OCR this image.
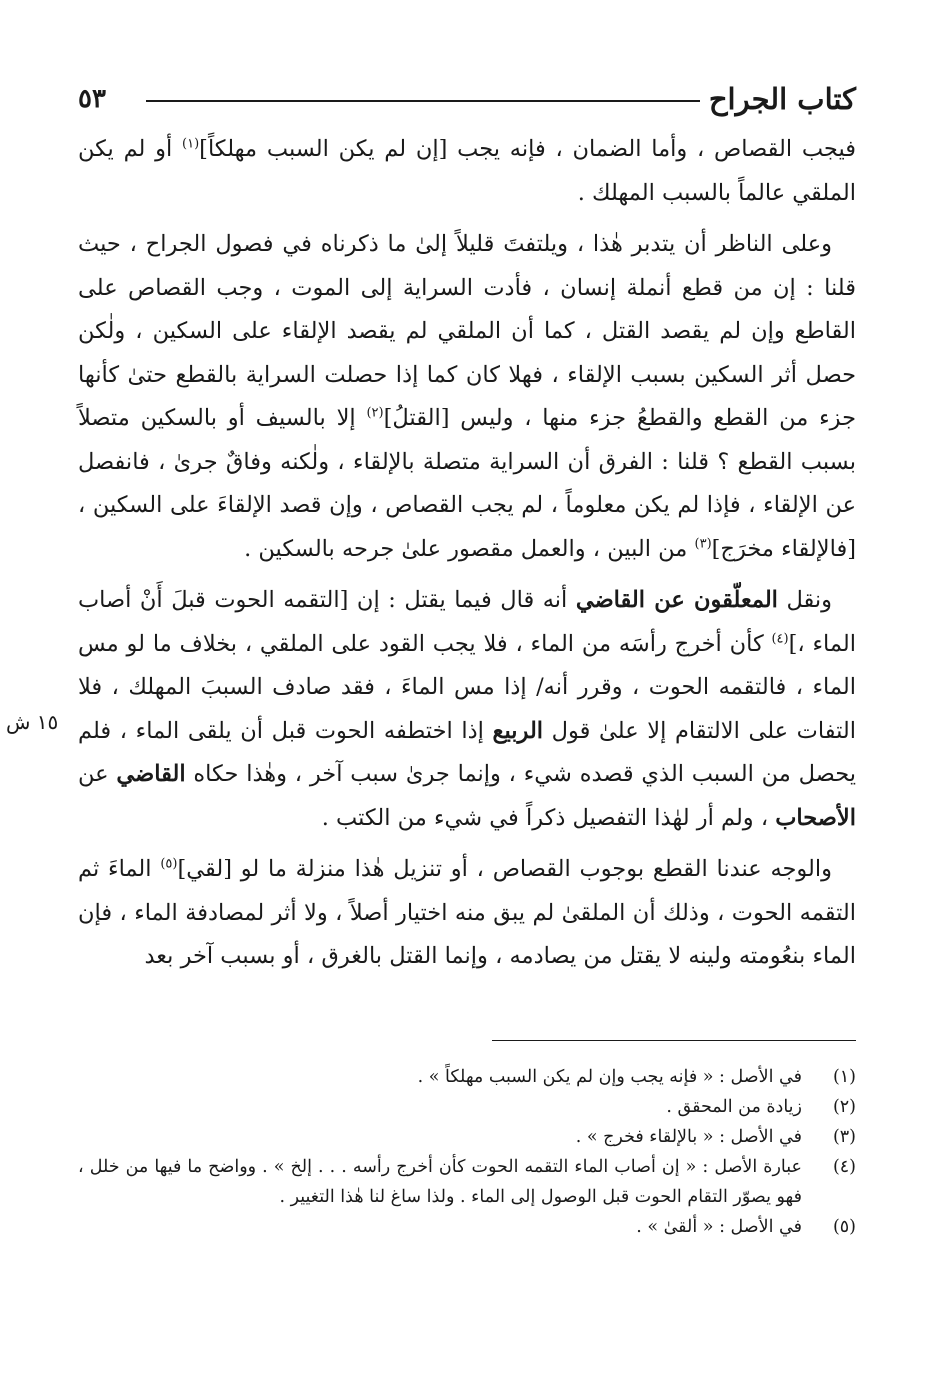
كتاب الجراح
٥٣
١٥ ش

فيجب القصاص ، وأما الضمان ، فإنه يجب [إن لم يكن السبب مهلكاً]$^{(١)}$ أو لم يكن الملقي عالماً بالسبب المهلك .

وعلى الناظر أن يتدبر هٰذا ، ويلتفتَ قليلاً إلىٰ ما ذكرناه في فصول الجراح ، حيث قلنا : إن من قطع أنملة إنسان ، فأدت السراية إلى الموت ، وجب القصاص على القاطع وإن لم يقصد القتل ، كما أن الملقي لم يقصد الإلقاء على السكين ، ولٰكن حصل أثر السكين بسبب الإلقاء ، فهلا كان كما إذا حصلت السراية بالقطع حتىٰ كأنها جزء من القطع والقطعُ جزء منها ، وليس [القتلُ]$^{(٢)}$ إلا بالسيف أو بالسكين متصلاً بسبب القطع ؟ قلنا : الفرق أن السراية متصلة بالإلقاء ، ولٰكنه وفاقٌ جرىٰ ، فانفصل عن الإلقاء ، فإذا لم يكن معلوماً ، لم يجب القصاص ، وإن قصد الإلقاءَ على السكين ، [فالإلقاء مخرَج]$^{(٣)}$ من البين ، والعمل مقصور علىٰ جرحه بالسكين .

ونقل المعلّقون عن القاضي أنه قال فيما يقتل : إن [التقمه الحوت قبلَ أَنْ أصاب الماء ،]$^{(٤)}$ كأن أخرج رأسَه من الماء ، فلا يجب القود على الملقي ، بخلاف ما لو مس الماء ، فالتقمه الحوت ، وقرر أنه/ إذا مس الماءَ ، فقد صادف السببَ المهلك ، فلا التفات على الالتقام إلا علىٰ قول الربيع إذا اختطفه الحوت قبل أن يلقى الماء ، فلم يحصل من السبب الذي قصده شيء ، وإنما جرىٰ سبب آخر ، وهٰذا حكاه القاضي عن الأصحاب ، ولم أر لهٰذا التفصيل ذكراً في شيء من الكتب .

والوجه عندنا القطع بوجوب القصاص ، أو تنزيل هٰذا منزلة ما لو [لقي]$^{(٥)}$ الماءَ ثم التقمه الحوت ، وذلك أن الملقىٰ لم يبق منه اختيار أصلاً ، ولا أثر لمصادفة الماء ، فإن الماء بنعُومته ولينه لا يقتل من يصادمه ، وإنما القتل بالغرق ، أو بسبب آخر بعد

(١)
في الأصل : « فإنه يجب وإن لم يكن السبب مهلكاً » .
(٢)
زيادة من المحقق .
(٣)
في الأصل : « بالإلقاء فخرج » .
(٤)
عبارة الأصل : « إن أصاب الماء التقمه الحوت كأن أخرج رأسه . . . إلخ » . وواضح ما فيها من خلل ، فهو يصوّر التقام الحوت قبل الوصول إلى الماء . ولذا ساغ لنا هٰذا التغيير .
(٥)
في الأصل : « ألقىٰ » .
